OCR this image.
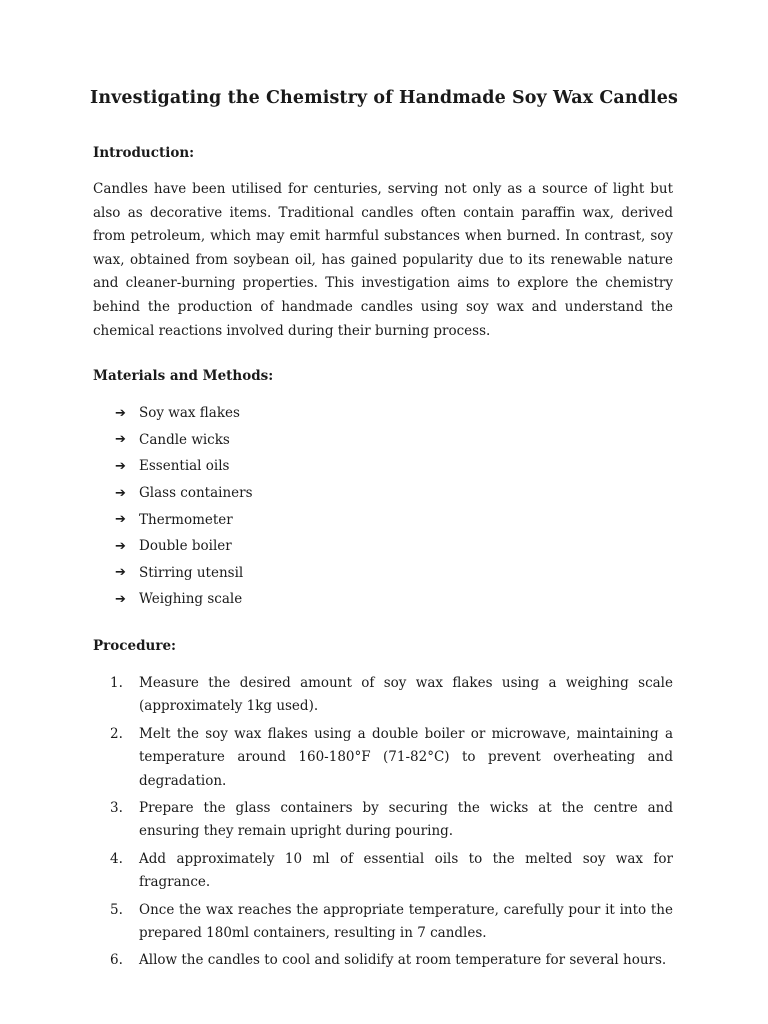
Investigating the Chemistry of Handmade Soy Wax Candles
Introduction:

Candles have been utilised for centuries, serving not only as a source of light but also as decorative items. Traditional candles often contain paraffin wax, derived from petroleum, which may emit harmful substances when burned. In contrast, soy wax, obtained from soybean oil, has gained popularity due to its renewable nature and cleaner-burning properties. This investigation aims to explore the chemistry behind the production of handmade candles using soy wax and understand the chemical reactions involved during their burning process.

Materials and Methods:
➔ Soy wax flakes
➔ Candle wicks
➔ Essential oils
➔ Glass containers
➔ Thermometer
➔ Double boiler
➔ Stirring utensil
➔ Weighing scale
Procedure:
1.	Measure the desired amount of soy wax flakes using a weighing scale (approximately 1kg used).
2.	Melt the soy wax flakes using a double boiler or microwave, maintaining a temperature around 160-180°F (71-82°C) to prevent overheating and degradation.
3.	Prepare the glass containers by securing the wicks at the centre and ensuring they remain upright during pouring.
4.	Add approximately 10 ml of essential oils to the melted soy wax for fragrance.
5.	Once the wax reaches the appropriate temperature, carefully pour it into the prepared 180ml containers, resulting in 7 candles.
6.	Allow the candles to cool and solidify at room temperature for several hours.
